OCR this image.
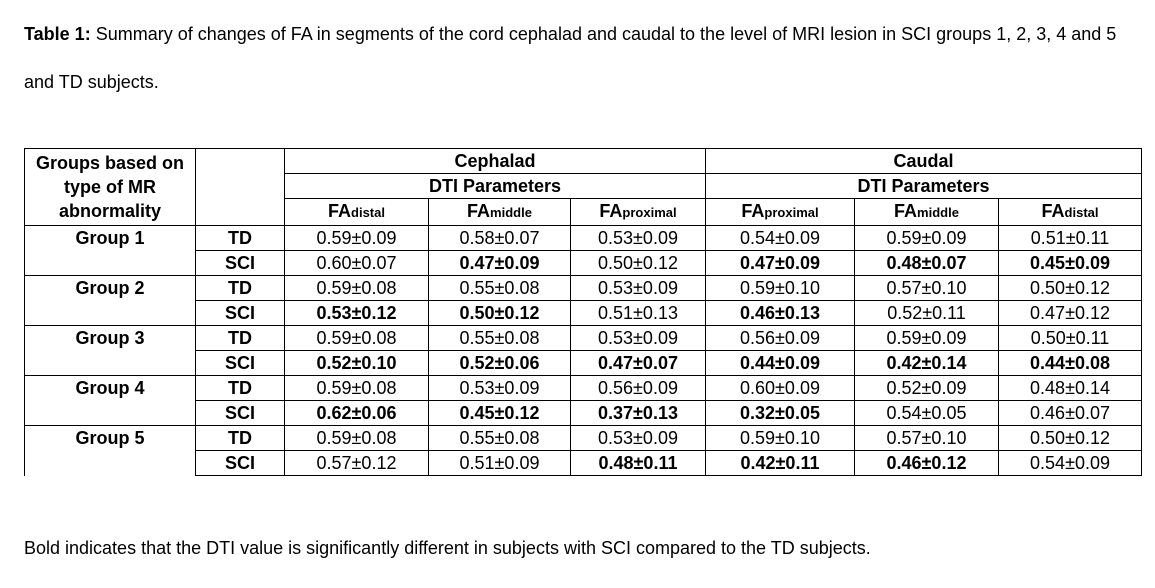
Table 1: Summary of changes of FA in segments of the cord cephalad and caudal to the level of MRI lesion in SCI groups 1, 2, 3, 4 and 5 and TD subjects.
Groups based on type of MR abnormality		Cephalad			Caudal		
		DTI Parameters			DTI Parameters		
		FAdistal	FAmiddle	FAproximal	FAproximal	FAmiddle	FAdistal
Group 1	TD	0.59±0.09	0.58±0.07	0.53±0.09	0.54±0.09	0.59±0.09	0.51±0.11
	SCI	0.60±0.07	0.47±0.09	0.50±0.12	0.47±0.09	0.48±0.07	0.45±0.09
Group 2	TD	0.59±0.08	0.55±0.08	0.53±0.09	0.59±0.10	0.57±0.10	0.50±0.12
	SCI	0.53±0.12	0.50±0.12	0.51±0.13	0.46±0.13	0.52±0.11	0.47±0.12
Group 3	TD	0.59±0.08	0.55±0.08	0.53±0.09	0.56±0.09	0.59±0.09	0.50±0.11
	SCI	0.52±0.10	0.52±0.06	0.47±0.07	0.44±0.09	0.42±0.14	0.44±0.08
Group 4	TD	0.59±0.08	0.53±0.09	0.56±0.09	0.60±0.09	0.52±0.09	0.48±0.14
	SCI	0.62±0.06	0.45±0.12	0.37±0.13	0.32±0.05	0.54±0.05	0.46±0.07
Group 5	TD	0.59±0.08	0.55±0.08	0.53±0.09	0.59±0.10	0.57±0.10	0.50±0.12
	SCI	0.57±0.12	0.51±0.09	0.48±0.11	0.42±0.11	0.46±0.12	0.54±0.09
Bold indicates that the DTI value is significantly different in subjects with SCI compared to the TD subjects.
